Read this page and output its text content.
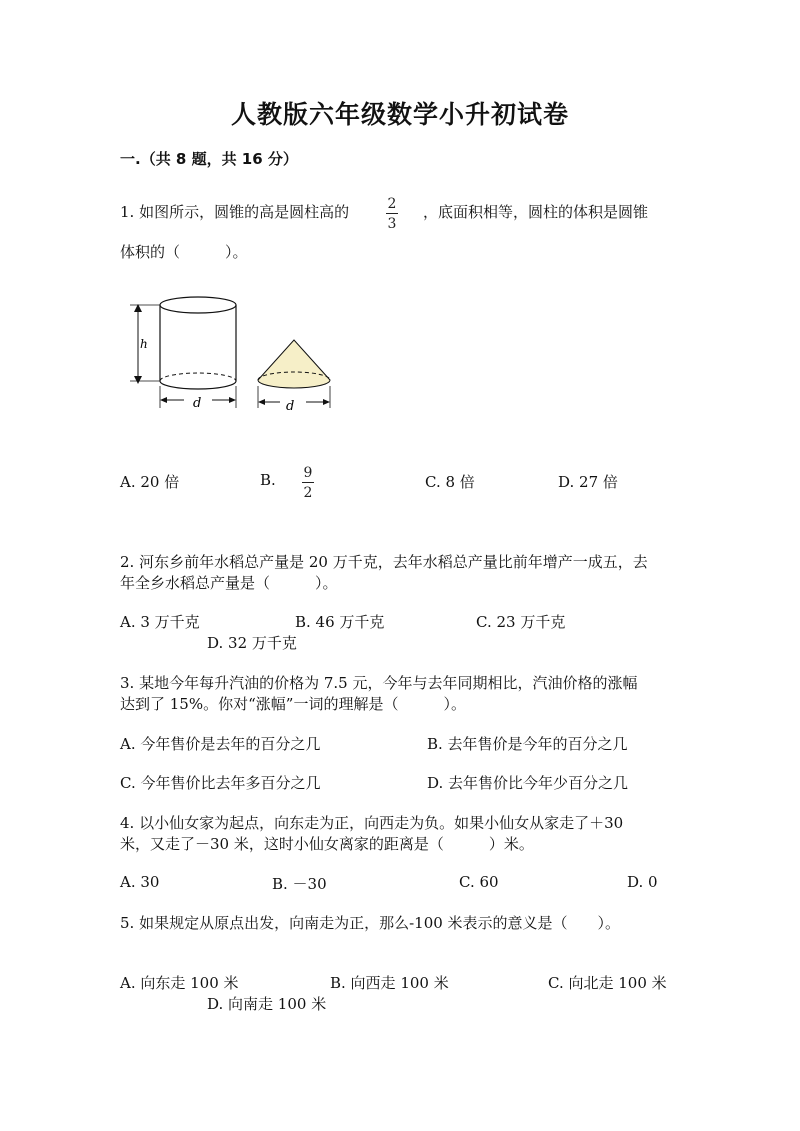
人教版六年级数学小升初试卷
一.（共 8 题，共 16 分）
1. 如图所示，圆锥的高是圆柱高的	2
3
，底面积相等，圆柱的体积是圆锥
体积的（　　　）。
h
d	d
A. 20 倍	B. 9
2
C. 8 倍	D. 27 倍
2. 河东乡前年水稻总产量是 20 万千克，去年水稻总产量比前年增产一成五，去
年全乡水稻总产量是（　　　）。
A. 3 万千克	B. 46 万千克	C. 23 万千克
D. 32 万千克
3. 某地今年每升汽油的价格为 7.5 元，今年与去年同期相比，汽油价格的涨幅
达到了 15%。你对“涨幅”一词的理解是（　　　）。
A. 今年售价是去年的百分之几	B. 去年售价是今年的百分之几
C. 今年售价比去年多百分之几	D. 去年售价比今年少百分之几
4. 以小仙女家为起点，向东走为正，向西走为负。如果小仙女从家走了＋30
米，又走了－30 米，这时小仙女离家的距离是（　　　）米。
A. 30	B. －30	C. 60	D. 0
5. 如果规定从原点出发，向南走为正，那么-100 米表示的意义是（　　）。
A. 向东走 100 米	B. 向西走 100 米	C. 向北走 100 米
D. 向南走 100 米
